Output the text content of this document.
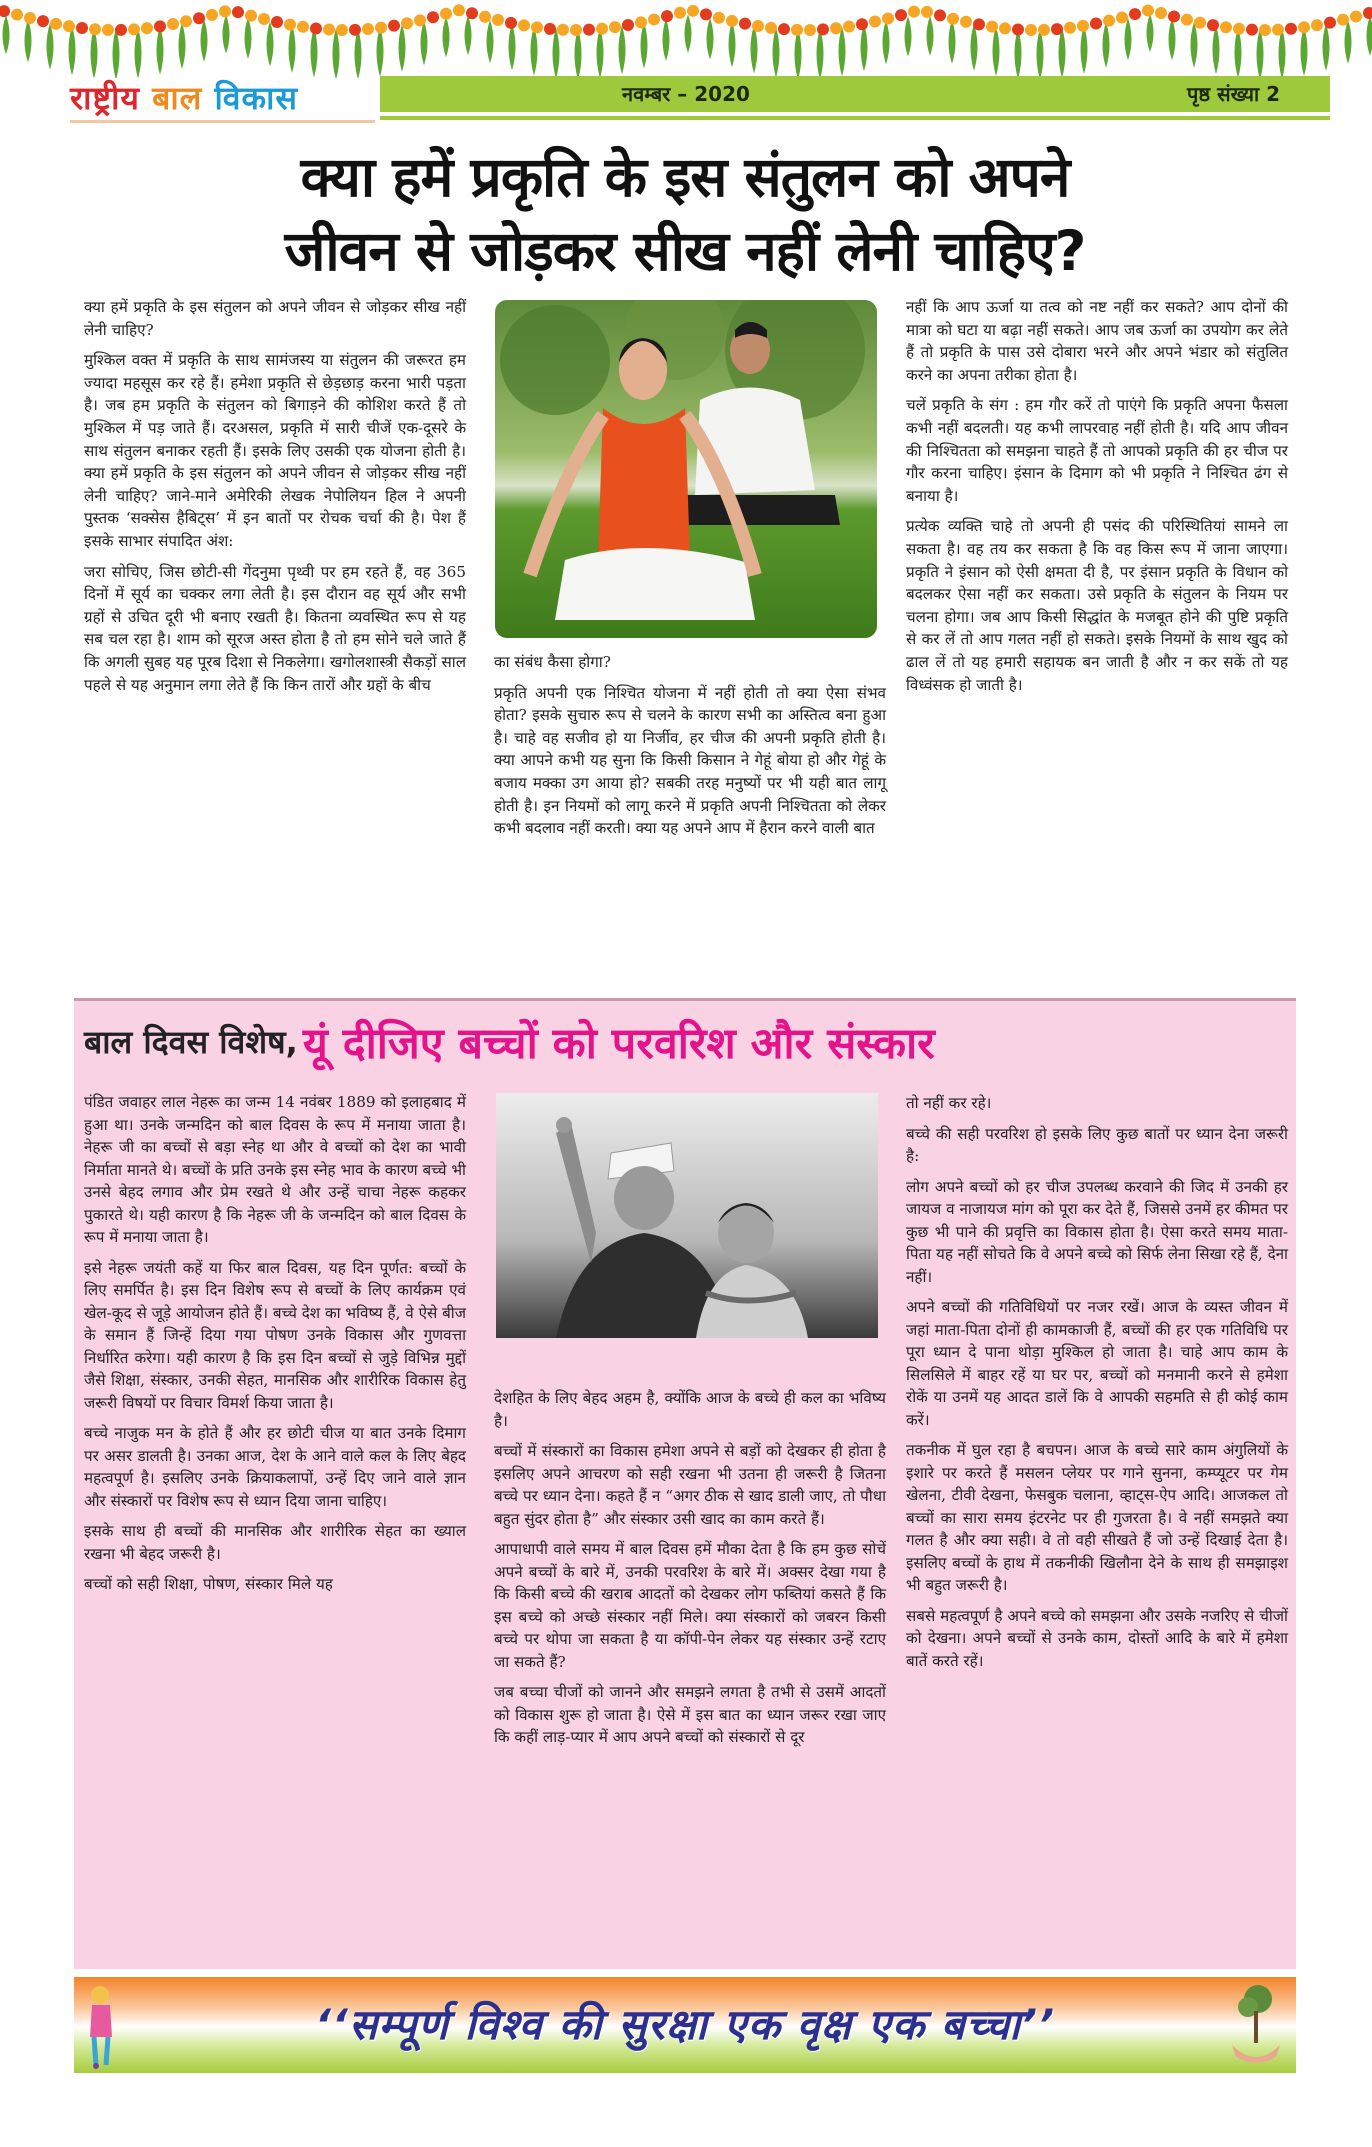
राष्ट्रीय बाल विकास	नवम्बर – 2020	पृष्ठ संख्या 2
क्या हमें प्रकृति के इस संतुलन को अपने
जीवन से जोड़कर सीख नहीं लेनी चाहिए?

क्या हमें प्रकृति के इस संतुलन को अपने जीवन से जोड़कर सीख नहीं लेनी चाहिए?

मुश्किल वक्त में प्रकृति के साथ सामंजस्य या संतुलन की जरूरत हम ज्यादा महसूस कर रहे हैं। हमेशा प्रकृति से छेड़छाड़ करना भारी पड़ता है। जब हम प्रकृति के संतुलन को बिगाड़ने की कोशिश करते हैं तो मुश्किल में पड़ जाते हैं। दरअसल, प्रकृति में सारी चीजें एक-दूसरे के साथ संतुलन बनाकर रहती हैं। इसके लिए उसकी एक योजना होती है। क्या हमें प्रकृति के इस संतुलन को अपने जीवन से जोड़कर सीख नहीं लेनी चाहिए? जाने-माने अमेरिकी लेखक नेपोलियन हिल ने अपनी पुस्तक ‘सक्सेस हैबिट्स’ में इन बातों पर रोचक चर्चा की है। पेश हैं इसके साभार संपादित अंश:

जरा सोचिए, जिस छोटी-सी गेंदनुमा पृथ्वी पर हम रहते हैं, वह 365 दिनों में सूर्य का चक्कर लगा लेती है। इस दौरान वह सूर्य और सभी ग्रहों से उचित दूरी भी बनाए रखती है। कितना व्यवस्थित रूप से यह सब चल रहा है। शाम को सूरज अस्त होता है तो हम सोने चले जाते हैं कि अगली सुबह यह पूरब दिशा से निकलेगा। खगोलशास्त्री सैकड़ों साल पहले से यह अनुमान लगा लेते हैं कि किन तारों और ग्रहों के बीच

का संबंध कैसा होगा?

प्रकृति अपनी एक निश्चित योजना में नहीं होती तो क्या ऐसा संभव होता? इसके सुचारु रूप से चलने के कारण सभी का अस्तित्व बना हुआ है। चाहे वह सजीव हो या निर्जीव, हर चीज की अपनी प्रकृति होती है। क्या आपने कभी यह सुना कि किसी किसान ने गेहूं बोया हो और गेहूं के बजाय मक्का उग आया हो? सबकी तरह मनुष्यों पर भी यही बात लागू होती है। इन नियमों को लागू करने में प्रकृति अपनी निश्चितता को लेकर कभी बदलाव नहीं करती। क्या यह अपने आप में हैरान करने वाली बात

नहीं कि आप ऊर्जा या तत्व को नष्ट नहीं कर सकते? आप दोनों की मात्रा को घटा या बढ़ा नहीं सकते। आप जब ऊर्जा का उपयोग कर लेते हैं तो प्रकृति के पास उसे दोबारा भरने और अपने भंडार को संतुलित करने का अपना तरीका होता है।

चलें प्रकृति के संग : हम गौर करें तो पाएंगे कि प्रकृति अपना फैसला कभी नहीं बदलती। यह कभी लापरवाह नहीं होती है। यदि आप जीवन की निश्चितता को समझना चाहते हैं तो आपको प्रकृति की हर चीज पर गौर करना चाहिए। इंसान के दिमाग को भी प्रकृति ने निश्चित ढंग से बनाया है।

प्रत्येक व्यक्ति चाहे तो अपनी ही पसंद की परिस्थितियां सामने ला सकता है। वह तय कर सकता है कि वह किस रूप में जाना जाएगा। प्रकृति ने इंसान को ऐसी क्षमता दी है, पर इंसान प्रकृति के विधान को बदलकर ऐसा नहीं कर सकता। उसे प्रकृति के संतुलन के नियम पर चलना होगा। जब आप किसी सिद्धांत के मजबूत होने की पुष्टि प्रकृति से कर लें तो आप गलत नहीं हो सकते। इसके नियमों के साथ खुद को ढाल लें तो यह हमारी सहायक बन जाती है और न कर सकें तो यह विध्वंसक हो जाती है।

बाल दिवस विशेष, यूं दीजिए बच्चों को परवरिश और संस्कार

पंडित जवाहर लाल नेहरू का जन्म 14 नवंबर 1889 को इलाहबाद में हुआ था। उनके जन्मदिन को बाल दिवस के रूप में मनाया जाता है। नेहरू जी का बच्चों से बड़ा स्नेह था और वे बच्चों को देश का भावी निर्माता मानते थे। बच्चों के प्रति उनके इस स्नेह भाव के कारण बच्चे भी उनसे बेहद लगाव और प्रेम रखते थे और उन्हें चाचा नेहरू कहकर पुकारते थे। यही कारण है कि नेहरू जी के जन्मदिन को बाल दिवस के रूप में मनाया जाता है।

इसे नेहरू जयंती कहें या फिर बाल दिवस, यह दिन पूर्णत: बच्चों के लिए समर्पित है। इस दिन विशेष रूप से बच्चों के लिए कार्यक्रम एवं खेल-कूद से जूड़े आयोजन होते हैं। बच्चे देश का भविष्य हैं, वे ऐसे बीज के समान हैं जिन्हें दिया गया पोषण उनके विकास और गुणवत्ता निर्धारित करेगा। यही कारण है कि इस दिन बच्चों से जुड़े विभिन्न मुद्दों जैसे शिक्षा, संस्कार, उनकी सेहत, मानसिक और शारीरिक विकास हेतु जरूरी विषयों पर विचार विमर्श किया जाता है।

बच्चे नाजुक मन के होते हैं और हर छोटी चीज या बात उनके दिमाग पर असर डालती है। उनका आज, देश के आने वाले कल के लिए बेहद महत्वपूर्ण है। इसलिए उनके क्रियाकलापों, उन्हें दिए जाने वाले ज्ञान और संस्कारों पर विशेष रूप से ध्यान दिया जाना चाहिए।

इसके साथ ही बच्चों की मानसिक और शारीरिक सेहत का ख्याल रखना भी बेहद जरूरी है।

बच्चों को सही शिक्षा, पोषण, संस्कार मिले यह

देशहित के लिए बेहद अहम है, क्योंकि आज के बच्चे ही कल का भविष्य है।

बच्चों में संस्कारों का विकास हमेशा अपने से बड़ों को देखकर ही होता है इसलिए अपने आचरण को सही रखना भी उतना ही जरूरी है जितना बच्चे पर ध्यान देना। कहते हैं न “अगर ठीक से खाद डाली जाए, तो पौधा बहुत सुंदर होता है” और संस्कार उसी खाद का काम करते हैं।

आपाधापी वाले समय में बाल दिवस हमें मौका देता है कि हम कुछ सोचें अपने बच्चों के बारे में, उनकी परवरिश के बारे में। अक्सर देखा गया है कि किसी बच्चे की खराब आदतों को देखकर लोग फब्तियां कसते हैं कि इस बच्चे को अच्छे संस्कार नहीं मिले। क्या संस्कारों को जबरन किसी बच्चे पर थोपा जा सकता है या कॉपी-पेन लेकर यह संस्कार उन्हें रटाए जा सकते हैं?

जब बच्चा चीजों को जानने और समझने लगता है तभी से उसमें आदतों को विकास शुरू हो जाता है। ऐसे में इस बात का ध्यान जरूर रखा जाए कि कहीं लाड़-प्यार में आप अपने बच्चों को संस्कारों से दूर

तो नहीं कर रहे।

बच्चे की सही परवरिश हो इसके लिए कुछ बातों पर ध्यान देना जरूरी है:

लोग अपने बच्चों को हर चीज उपलब्ध करवाने की जिद में उनकी हर जायज व नाजायज मांग को पूरा कर देते हैं, जिससे उनमें हर कीमत पर कुछ भी पाने की प्रवृत्ति का विकास होता है। ऐसा करते समय माता-पिता यह नहीं सोचते कि वे अपने बच्चे को सिर्फ लेना सिखा रहे हैं, देना नहीं।

अपने बच्चों की गतिविधियों पर नजर रखें। आज के व्यस्त जीवन में जहां माता-पिता दोनों ही कामकाजी हैं, बच्चों की हर एक गतिविधि पर पूरा ध्यान दे पाना थोड़ा मुश्किल हो जाता है। चाहे आप काम के सिलसिले में बाहर रहें या घर पर, बच्चों को मनमानी करने से हमेशा रोकें या उनमें यह आदत डालें कि वे आपकी सहमति से ही कोई काम करें।

तकनीक में घुल रहा है बचपन। आज के बच्चे सारे काम अंगुलियों के इशारे पर करते हैं मसलन प्लेयर पर गाने सुनना, कम्प्यूटर पर गेम खेलना, टीवी देखना, फेसबुक चलाना, व्हाट्स-ऐप आदि। आजकल तो बच्चों का सारा समय इंटरनेट पर ही गुजरता है। वे नहीं समझते क्या गलत है और क्या सही। वे तो वही सीखते हैं जो उन्हें दिखाई देता है। इसलिए बच्चों के हाथ में तकनीकी खिलौना देने के साथ ही समझाइश भी बहुत जरूरी है।

सबसे महत्वपूर्ण है अपने बच्चे को समझना और उसके नजरिए से चीजों को देखना। अपने बच्चों से उनके काम, दोस्तों आदि के बारे में हमेशा बातें करते रहें।

‘‘सम्पूर्ण विश्व की सुरक्षा एक वृक्ष एक बच्चा’’
